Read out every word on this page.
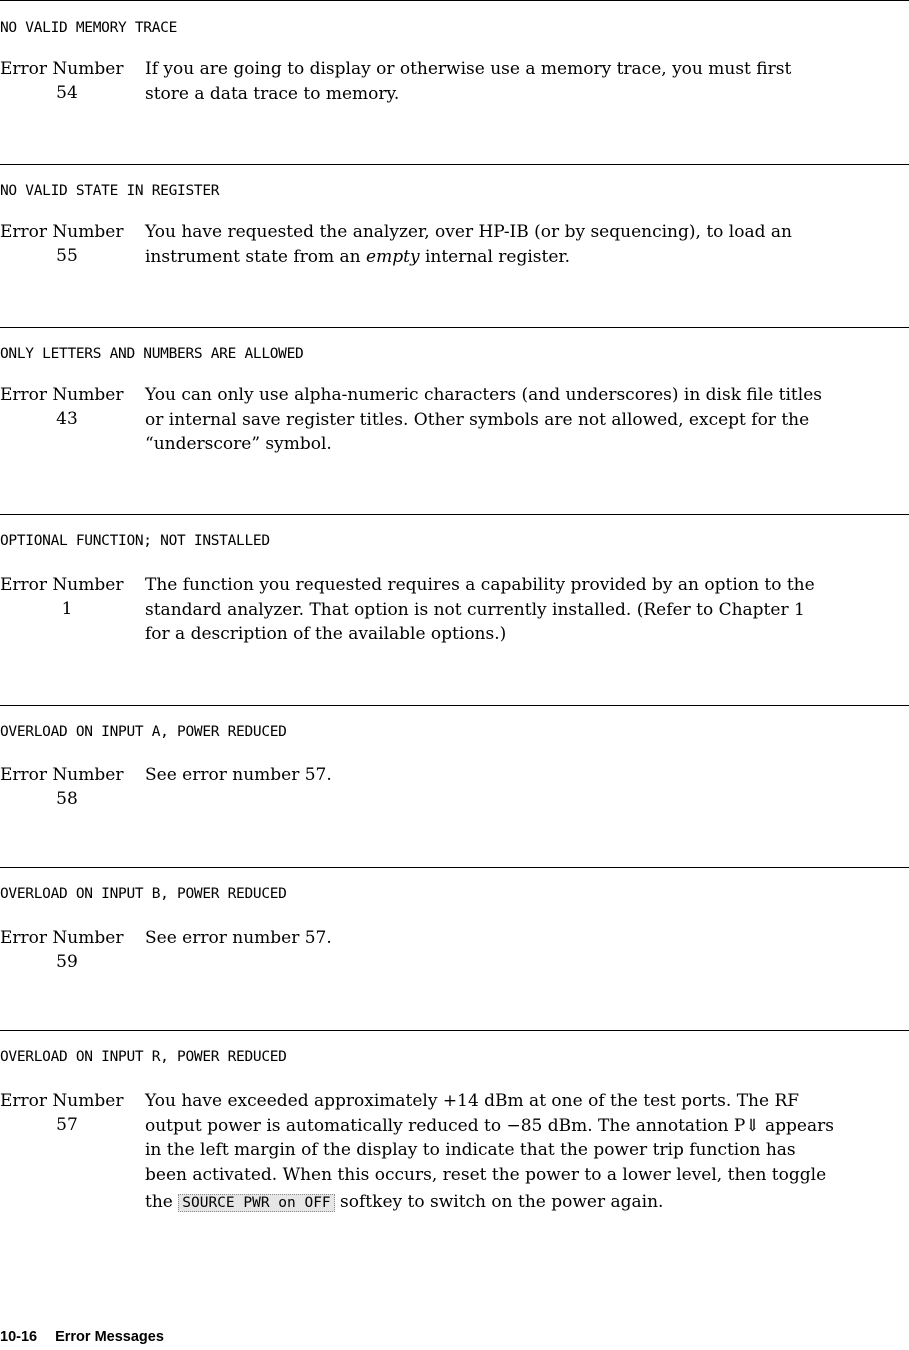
NO VALID MEMORY TRACE
Error Number
54
If you are going to display or otherwise use a memory trace, you must first
store a data trace to memory.
NO VALID STATE IN REGISTER
Error Number
55
You have requested the analyzer, over HP-IB (or by sequencing), to load an
instrument state from an empty internal register.
ONLY LETTERS AND NUMBERS ARE ALLOWED
Error Number
43
You can only use alpha-numeric characters (and underscores) in disk file titles
or internal save register titles. Other symbols are not allowed, except for the
“underscore” symbol.
OPTIONAL FUNCTION; NOT INSTALLED
Error Number
1
The function you requested requires a capability provided by an option to the
standard analyzer. That option is not currently installed. (Refer to Chapter 1
for a description of the available options.)
OVERLOAD ON INPUT A, POWER REDUCED
Error Number
58
See error number 57.
OVERLOAD ON INPUT B, POWER REDUCED
Error Number
59
See error number 57.
OVERLOAD ON INPUT R, POWER REDUCED
Error Number
57
You have exceeded approximately +14 dBm at one of the test ports. The RF
output power is automatically reduced to −85 dBm. The annotation P⇓ appears
in the left margin of the display to indicate that the power trip function has
been activated. When this occurs, reset the power to a lower level, then toggle
the SOURCE PWR on OFF softkey to switch on the power again.
10-16 Error Messages
